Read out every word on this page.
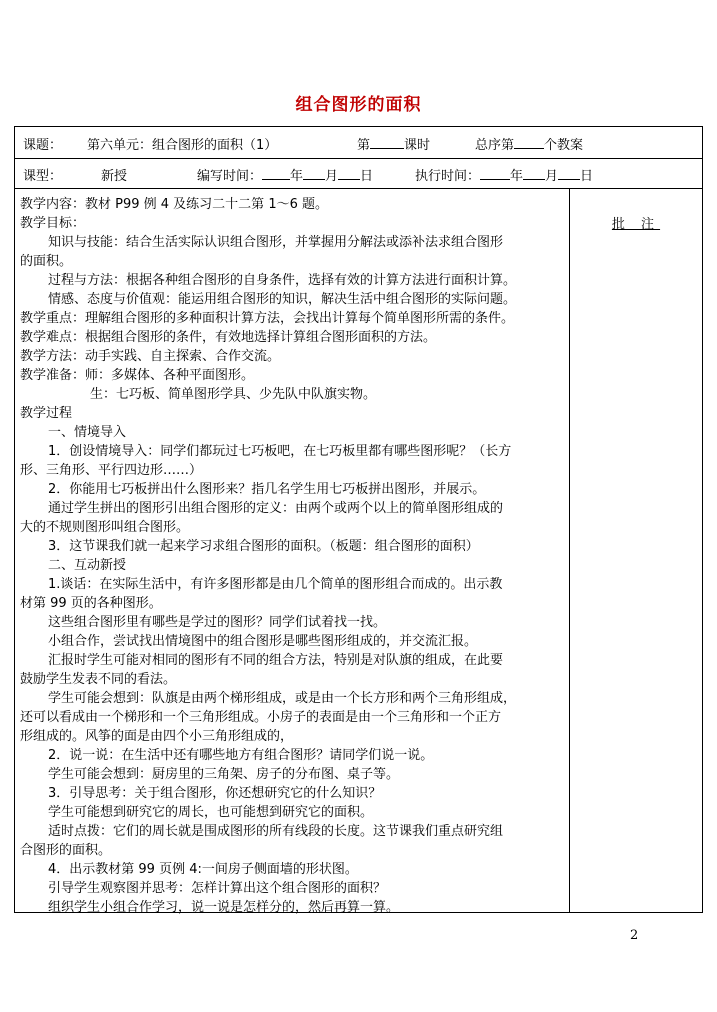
组合图形的面积
课题： 第六单元：组合图形的面积（1）	第	课时	总序第 个教案
课型：	新授	编写时间： 年 月 日	执行时间： 年 月 日
教学内容：教材 P99 例 4 及练习二十二第 1～6 题。
教学目标：
知识与技能：结合生活实际认识组合图形，并掌握用分解法或添补法求组合图形
的面积。
过程与方法：根据各种组合图形的自身条件，选择有效的计算方法进行面积计算。
情感、态度与价值观：能运用组合图形的知识，解决生活中组合图形的实际问题。
教学重点：理解组合图形的多种面积计算方法，会找出计算每个简单图形所需的条件。
教学难点：根据组合图形的条件，有效地选择计算组合图形面积的方法。
教学方法：动手实践、自主探索、合作交流。
教学准备：师：多媒体、各种平面图形。
生：七巧板、简单图形学具、少先队中队旗实物。
教学过程
一、情境导入
1．创设情境导入：同学们都玩过七巧板吧，在七巧板里都有哪些图形呢？（长方
形、三角形、平行四边形……）
2．你能用七巧板拼出什么图形来？指几名学生用七巧板拼出图形，并展示。
通过学生拼出的图形引出组合图形的定义：由两个或两个以上的简单图形组成的
大的不规则图形叫组合图形。
3．这节课我们就一起来学习求组合图形的面积。（板题：组合图形的面积）
二、互动新授
1.谈话：在实际生活中，有许多图形都是由几个简单的图形组合而成的。出示教
材第 99 页的各种图形。
这些组合图形里有哪些是学过的图形？同学们试着找一找。
小组合作，尝试找出情境图中的组合图形是哪些图形组成的，并交流汇报。
汇报时学生可能对相同的图形有不同的组合方法，特别是对队旗的组成，在此要
鼓励学生发表不同的看法。
学生可能会想到：队旗是由两个梯形组成，或是由一个长方形和两个三角形组成，
还可以看成由一个梯形和一个三角形组成。小房子的表面是由一个三角形和一个正方
形组成的。风筝的面是由四个小三角形组成的，
2．说一说：在生活中还有哪些地方有组合图形？请同学们说一说。
学生可能会想到：厨房里的三角架、房子的分布图、桌子等。
3．引导思考：关于组合图形，你还想研究它的什么知识？
学生可能想到研究它的周长，也可能想到研究它的面积。
适时点拨：它们的周长就是围成图形的所有线段的长度。这节课我们重点研究组
合图形的面积。
4．出示教材第 99 页例 4:一间房子侧面墙的形状图。
引导学生观察图并思考：怎样计算出这个组合图形的面积？
组织学生小组合作学习，说一说是怎样分的，然后再算一算。
批 注
2
